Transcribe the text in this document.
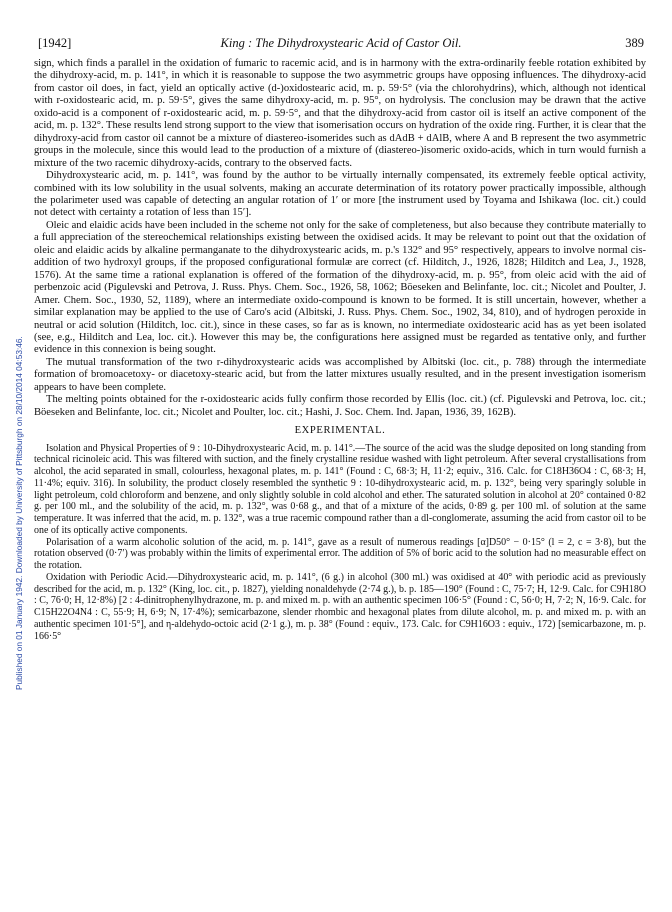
[1942]	King : The Dihydroxystearic Acid of Castor Oil.	389
Published on 01 January 1942. Downloaded by University of Pittsburgh on 28/10/2014 04:53:46.

sign, which finds a parallel in the oxidation of fumaric to racemic acid, and is in harmony with the extra-ordinarily feeble rotation exhibited by the dihydroxy-acid, m. p. 141°, in which it is reasonable to suppose the two asymmetric groups have opposing influences. The dihydroxy-acid from castor oil does, in fact, yield an optically active (d-)oxidostearic acid, m. p. 59·5° (via the chlorohydrins), which, although not identical with r-oxidostearic acid, m. p. 59·5°, gives the same dihydroxy-acid, m. p. 95°, on hydrolysis. The conclusion may be drawn that the active oxido-acid is a component of r-oxidostearic acid, m. p. 59·5°, and that the dihydroxy-acid from castor oil is itself an active component of the acid, m. p. 132°. These results lend strong support to the view that isomerisation occurs on hydration of the oxide ring. Further, it is clear that the dihydroxy-acid from castor oil cannot be a mixture of diastereo-isomerides such as dAdB + dAlB, where A and B represent the two asymmetric groups in the molecule, since this would lead to the production of a mixture of (diastereo-)isomeric oxido-acids, which in turn would furnish a mixture of the two racemic dihydroxy-acids, contrary to the observed facts.

Dihydroxystearic acid, m. p. 141°, was found by the author to be virtually internally compensated, its extremely feeble optical activity, combined with its low solubility in the usual solvents, making an accurate determination of its rotatory power practically impossible, although the polarimeter used was capable of detecting an angular rotation of 1′ or more [the instrument used by Toyama and Ishikawa (loc. cit.) could not detect with certainty a rotation of less than 15′].

Oleic and elaidic acids have been included in the scheme not only for the sake of completeness, but also because they contribute materially to a full appreciation of the stereochemical relationships existing between the oxidised acids. It may be relevant to point out that the oxidation of oleic and elaidic acids by alkaline permanganate to the dihydroxystearic acids, m. p.'s 132° and 95° respectively, appears to involve normal cis-addition of two hydroxyl groups, if the proposed configurational formulæ are correct (cf. Hilditch, J., 1926, 1828; Hilditch and Lea, J., 1928, 1576). At the same time a rational explanation is offered of the formation of the dihydroxy-acid, m. p. 95°, from oleic acid with the aid of perbenzoic acid (Pigulevski and Petrova, J. Russ. Phys. Chem. Soc., 1926, 58, 1062; Böeseken and Belinfante, loc. cit.; Nicolet and Poulter, J. Amer. Chem. Soc., 1930, 52, 1189), where an intermediate oxido-compound is known to be formed. It is still uncertain, however, whether a similar explanation may be applied to the use of Caro's acid (Albitski, J. Russ. Phys. Chem. Soc., 1902, 34, 810), and of hydrogen peroxide in neutral or acid solution (Hilditch, loc. cit.), since in these cases, so far as is known, no intermediate oxidostearic acid has as yet been isolated (see, e.g., Hilditch and Lea, loc. cit.). However this may be, the configurations here assigned must be regarded as tentative only, and further evidence in this connexion is being sought.

The mutual transformation of the two r-dihydroxystearic acids was accomplished by Albitski (loc. cit., p. 788) through the intermediate formation of bromoacetoxy- or diacetoxy-stearic acid, but from the latter mixtures usually resulted, and in the present investigation isomerism appears to have been complete.

The melting points obtained for the r-oxidostearic acids fully confirm those recorded by Ellis (loc. cit.) (cf. Pigulevski and Petrova, loc. cit.; Böeseken and Belinfante, loc. cit.; Nicolet and Poulter, loc. cit.; Hashi, J. Soc. Chem. Ind. Japan, 1936, 39, 162B).

EXPERIMENTAL.

Isolation and Physical Properties of 9 : 10-Dihydroxystearic Acid, m. p. 141°.—The source of the acid was the sludge deposited on long standing from technical ricinoleic acid. This was filtered with suction, and the finely crystalline residue washed with light petroleum. After several crystallisations from alcohol, the acid separated in small, colourless, hexagonal plates, m. p. 141° (Found : C, 68·3; H, 11·2; equiv., 316. Calc. for C18H36O4 : C, 68·3; H, 11·4%; equiv. 316). In solubility, the product closely resembled the synthetic 9 : 10-dihydroxystearic acid, m. p. 132°, being very sparingly soluble in light petroleum, cold chloroform and benzene, and only slightly soluble in cold alcohol and ether. The saturated solution in alcohol at 20° contained 0·82 g. per 100 ml., and the solubility of the acid, m. p. 132°, was 0·68 g., and that of a mixture of the acids, 0·89 g. per 100 ml. of solution at the same temperature. It was inferred that the acid, m. p. 132°, was a true racemic compound rather than a dl-conglomerate, assuming the acid from castor oil to be one of its optically active components.

Polarisation of a warm alcoholic solution of the acid, m. p. 141°, gave as a result of numerous readings [α]D50° − 0·15° (l = 2, c = 3·8), but the rotation observed (0·7′) was probably within the limits of experimental error. The addition of 5% of boric acid to the solution had no measurable effect on the rotation.

Oxidation with Periodic Acid.—Dihydroxystearic acid, m. p. 141°, (6 g.) in alcohol (300 ml.) was oxidised at 40° with periodic acid as previously described for the acid, m. p. 132° (King, loc. cit., p. 1827), yielding nonaldehyde (2·74 g.), b. p. 185—190° (Found : C, 75·7; H, 12·9. Calc. for C9H18O : C, 76·0; H, 12·8%) [2 : 4-dinitrophenylhydrazone, m. p. and mixed m. p. with an authentic specimen 106·5° (Found : C, 56·0; H, 7·2; N, 16·9. Calc. for C15H22O4N4 : C, 55·9; H, 6·9; N, 17·4%); semicarbazone, slender rhombic and hexagonal plates from dilute alcohol, m. p. and mixed m. p. with an authentic specimen 101·5°], and η-aldehydo-octoic acid (2·1 g.), m. p. 38° (Found : equiv., 173. Calc. for C9H16O3 : equiv., 172) [semicarbazone, m. p. 166·5°
